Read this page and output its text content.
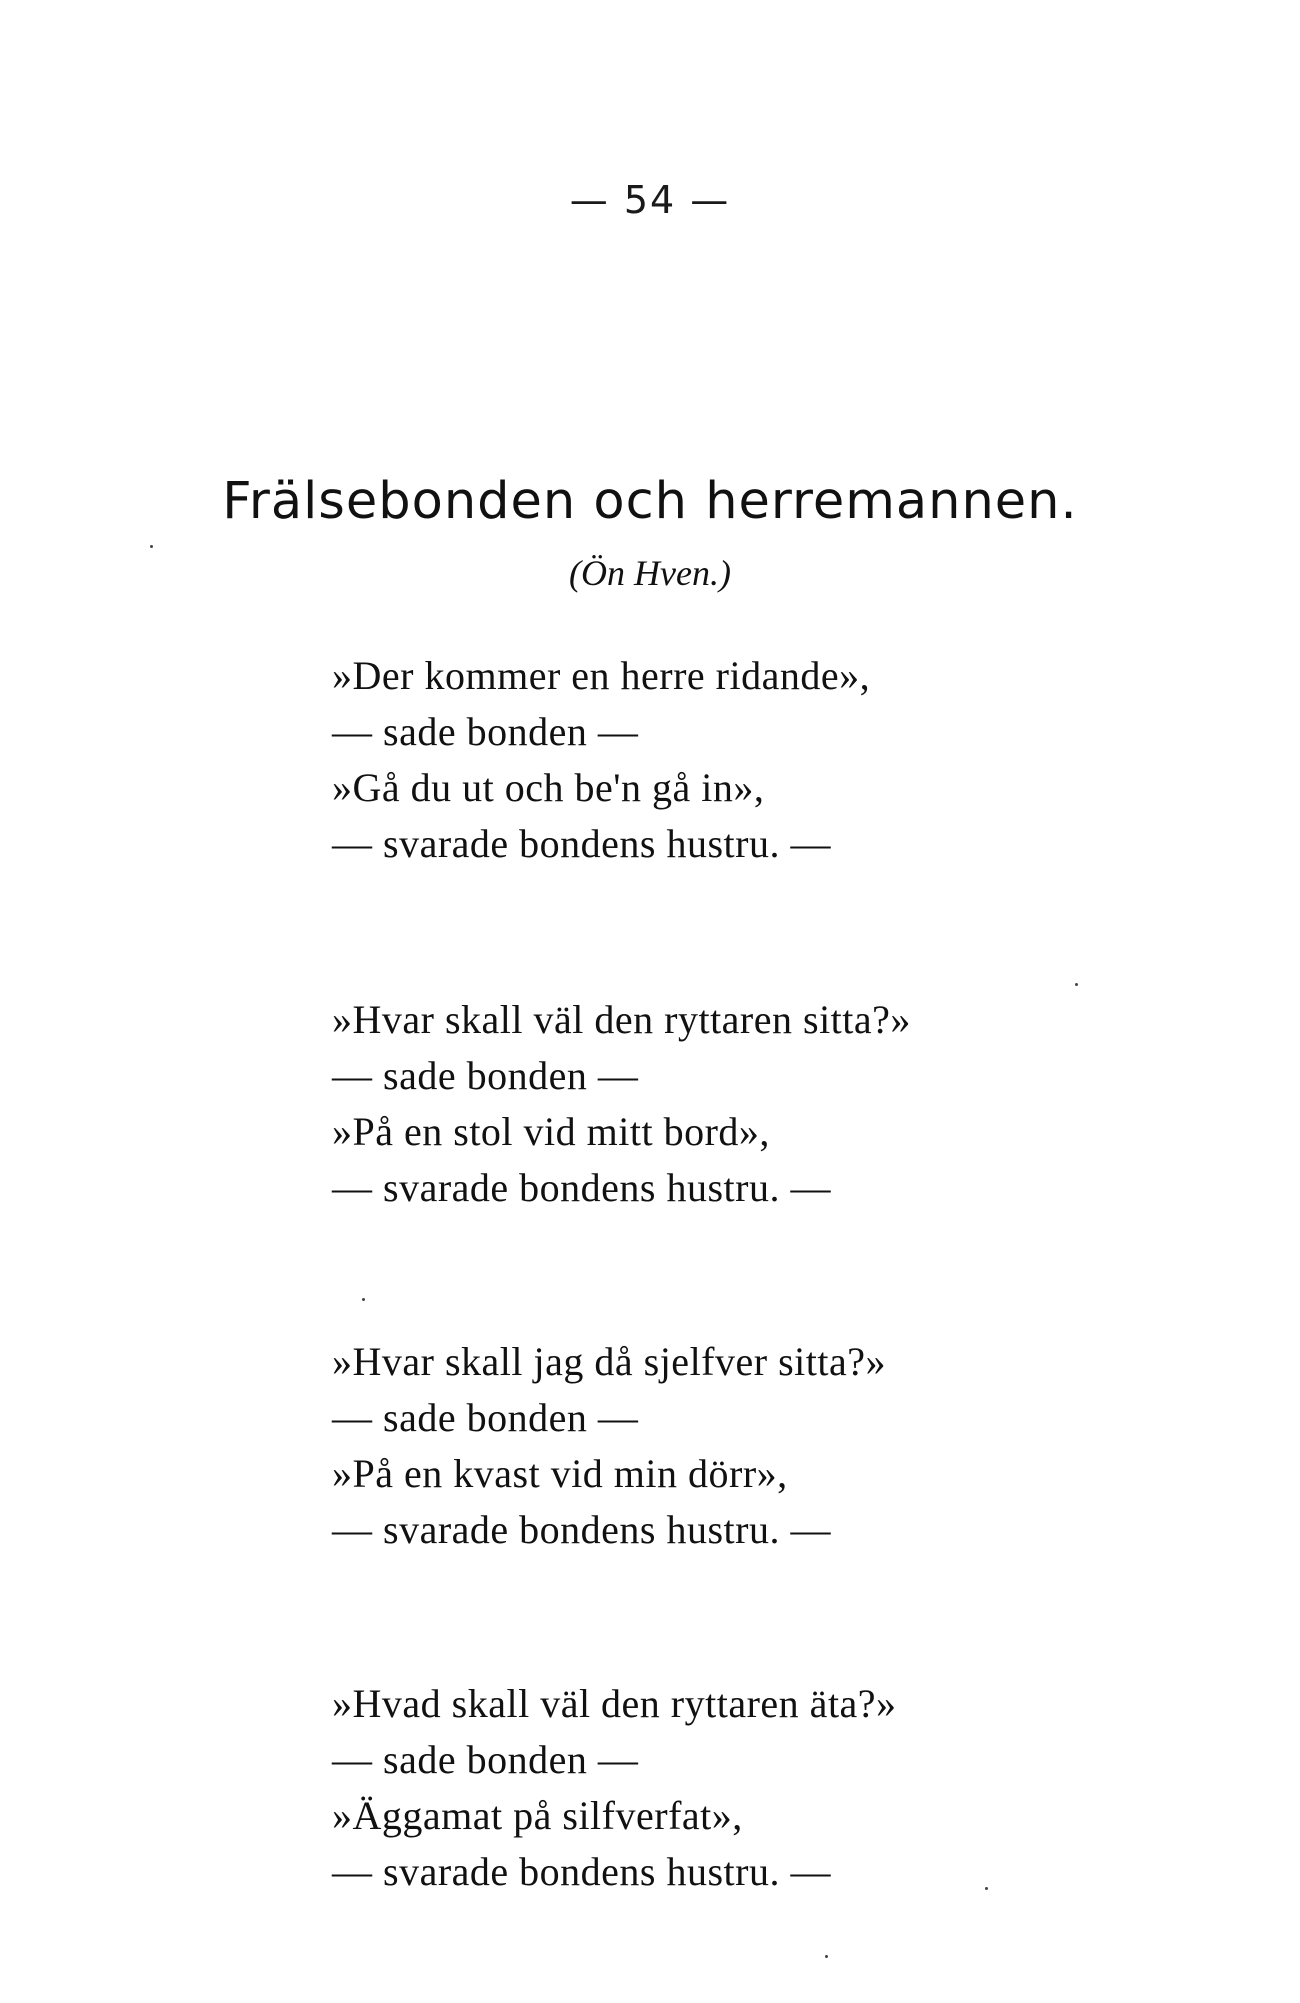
— 54 —
Frälsebonden och herremannen.
(Ön Hven.)
»Der kommer en herre ridande»,
— sade bonden —
»Gå du ut och be'n gå in»,
— svarade bondens hustru. —
»Hvar skall väl den ryttaren sitta?»
— sade bonden —
»På en stol vid mitt bord»,
— svarade bondens hustru. —
»Hvar skall jag då sjelfver sitta?»
— sade bonden —
»På en kvast vid min dörr»,
— svarade bondens hustru. —
»Hvad skall väl den ryttaren äta?»
— sade bonden —
»Äggamat på silfverfat»,
— svarade bondens hustru. —
